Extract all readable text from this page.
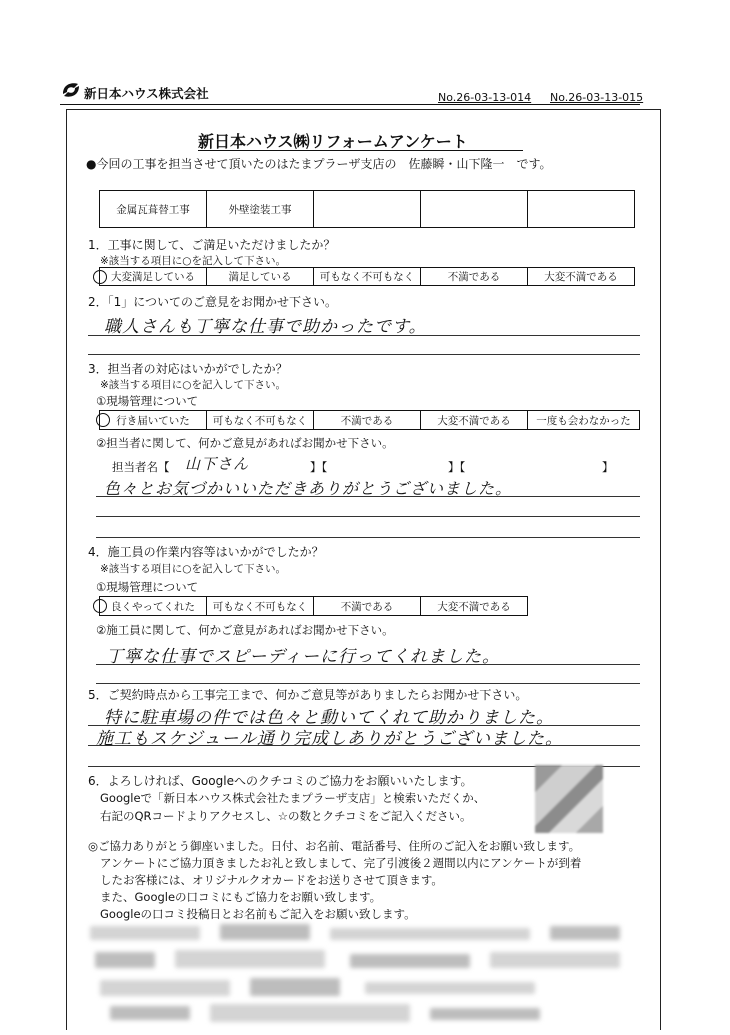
新日本ハウス株式会社	No.26-03-13-014 No.26-03-13-015
新日本ハウス㈱リフォームアンケート
●今回の工事を担当させて頂いたのはたまプラーザ支店の　佐藤瞬・山下隆一　です。
金属瓦葺替工事	外壁塗装工事
1．工事に関して、ご満足いただけましたか？
※該当する項目に○を記入して下さい。
大変満足している	満足している	可もなく不可もなく	不満である	大変不満である
2．「1」についてのご意見をお聞かせ下さい。
職人さんも丁寧な仕事で助かったです。
3．担当者の対応はいかがでしたか？
※該当する項目に○を記入して下さい。
①現場管理について
行き届いていた	可もなく不可もなく	不満である	大変不満である	一度も会わなかった
②担当者に関して、何かご意見があればお聞かせ下さい。
担当者名【 山下さん	】【	】【	】
色々とお気づかいいただきありがとうございました。
4．施工員の作業内容等はいかがでしたか？
※該当する項目に○を記入して下さい。
①現場管理について
良くやってくれた	可もなく不可もなく	不満である	大変不満である
②施工員に関して、何かご意見があればお聞かせ下さい。
丁寧な仕事でスピーディーに行ってくれました。
5．ご契約時点から工事完工まで、何かご意見等がありましたらお聞かせ下さい。
特に駐車場の件では色々と動いてくれて助かりました。
施工もスケジュール通り完成しありがとうございました。
6．よろしければ、Googleへのクチコミのご協力をお願いいたします。
Googleで「新日本ハウス株式会社たまプラーザ支店」と検索いただくか、
右記のQRコードよりアクセスし、☆の数とクチコミをご記入ください。
◎ご協力ありがとう御座いました。日付、お名前、電話番号、住所のご記入をお願い致します。
アンケートにご協力頂きましたお礼と致しまして、完了引渡後２週間以内にアンケートが到着
したお客様には、オリジナルクオカードをお送りさせて頂きます。
また、Googleの口コミにもご協力をお願い致します。
Googleの口コミ投稿日とお名前もご記入をお願い致します。
